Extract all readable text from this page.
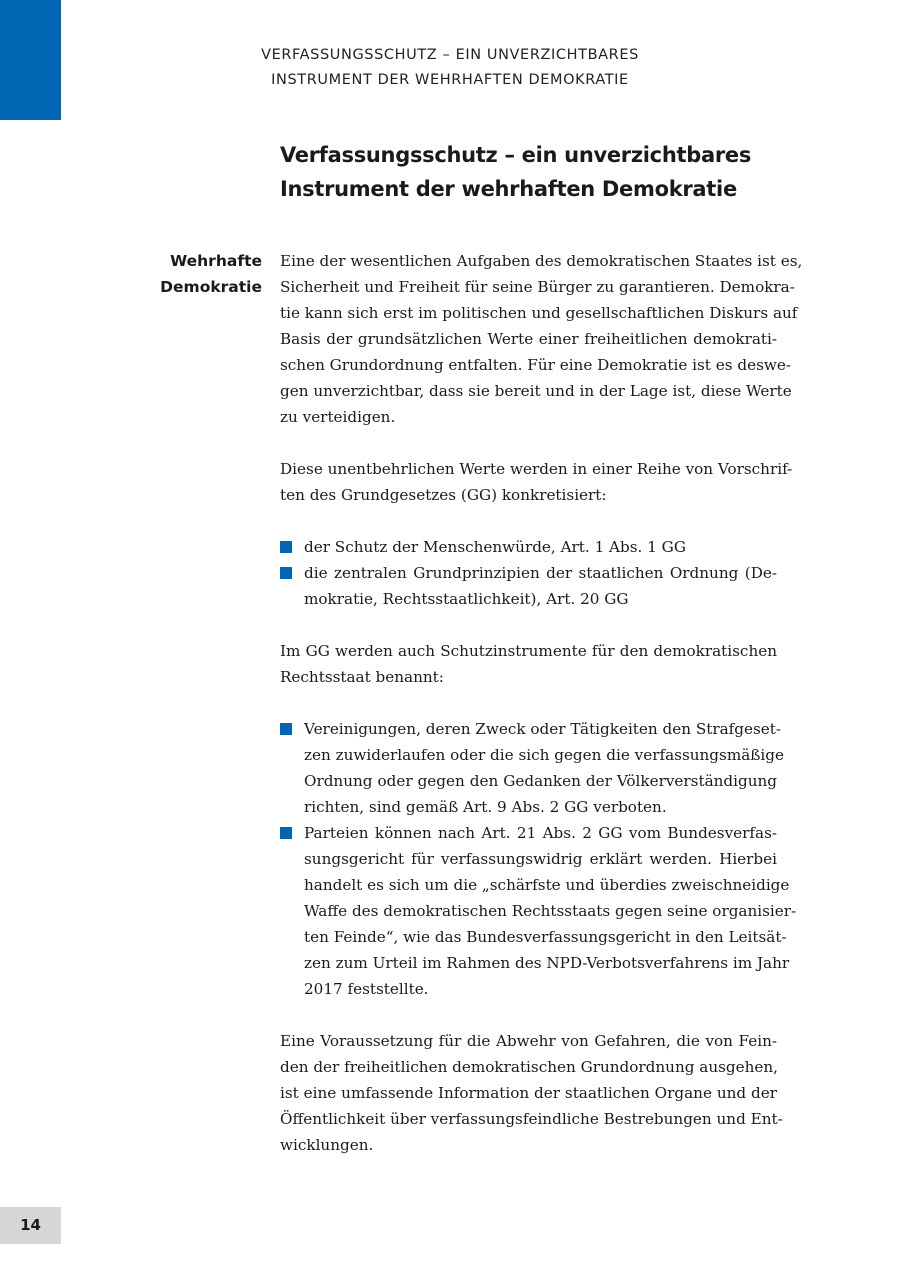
VERFASSUNGSSCHUTZ – EIN UNVERZICHTBARES
INSTRUMENT DER WEHRHAFTEN DEMOKRATIE
Verfassungsschutz – ein unverzichtbares
Instrument der wehrhaften Demokratie
Wehrhafte
Demokratie
Eine der wesentlichen Aufgaben des demokratischen Staates ist es,
Sicherheit und Freiheit für seine Bürger zu garantieren. Demokra-
tie kann sich erst im politischen und gesellschaftlichen Diskurs auf
Basis der grundsätzlichen Werte einer freiheitlichen demokrati-
schen Grundordnung entfalten. Für eine Demokratie ist es deswe-
gen unverzichtbar, dass sie bereit und in der Lage ist, diese Werte
zu verteidigen.
Diese unentbehrlichen Werte werden in einer Reihe von Vorschrif-
ten des Grundgesetzes (GG) konkretisiert:
der Schutz der Menschenwürde, Art. 1 Abs. 1 GG
die zentralen Grundprinzipien der staatlichen Ordnung (De-
mokratie, Rechtsstaatlichkeit), Art. 20 GG
Im GG werden auch Schutzinstrumente für den demokratischen
Rechtsstaat benannt:
Vereinigungen, deren Zweck oder Tätigkeiten den Strafgeset-
zen zuwiderlaufen oder die sich gegen die verfassungsmäßige
Ordnung oder gegen den Gedanken der Völkerverständigung
richten, sind gemäß Art. 9 Abs. 2 GG verboten.
Parteien können nach Art. 21 Abs. 2 GG vom Bundesverfas-
sungsgericht für verfassungswidrig erklärt werden. Hierbei
handelt es sich um die „schärfste und überdies zweischneidige
Waffe des demokratischen Rechtsstaats gegen seine organisier-
ten Feinde“, wie das Bundesverfassungsgericht in den Leitsät-
zen zum Urteil im Rahmen des NPD-Verbotsverfahrens im Jahr
2017 feststellte.
Eine Voraussetzung für die Abwehr von Gefahren, die von Fein-
den der freiheitlichen demokratischen Grundordnung ausgehen,
ist eine umfassende Information der staatlichen Organe und der
Öffentlichkeit über verfassungsfeindliche Bestrebungen und Ent-
wicklungen.
14
